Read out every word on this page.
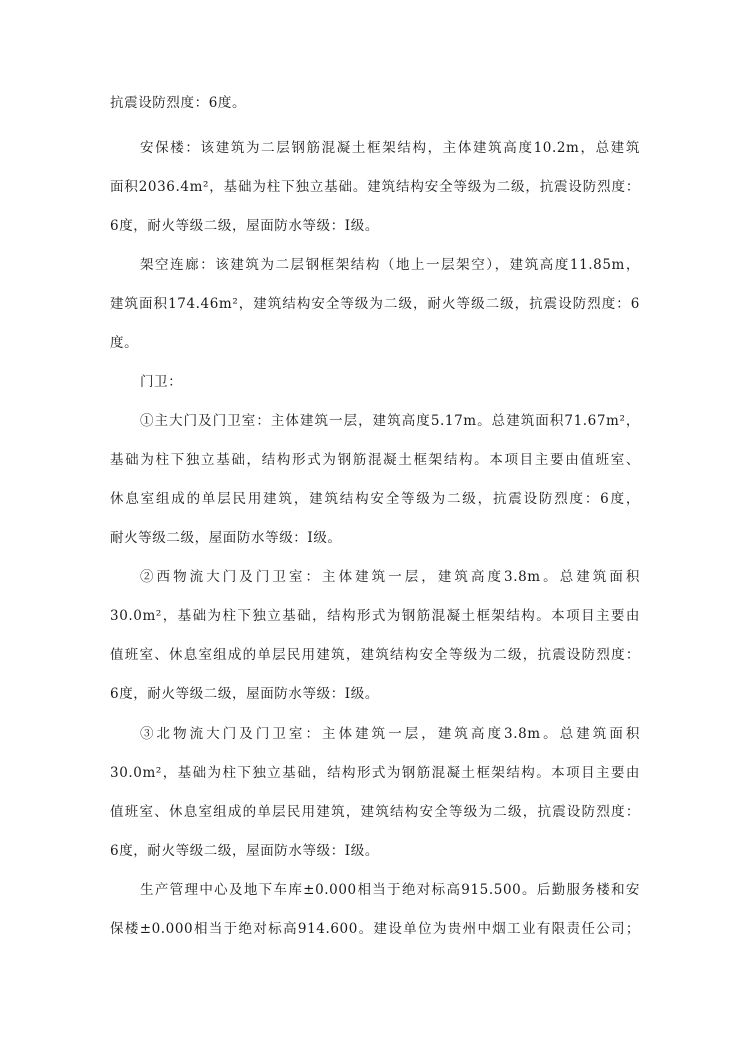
抗震设防烈度：6度。
安保楼：该建筑为二层钢筋混凝土框架结构，主体建筑高度10.2m，总建筑
面积2036.4m²，基础为柱下独立基础。建筑结构安全等级为二级，抗震设防烈度：
6度，耐火等级二级，屋面防水等级：Ⅰ级。
架空连廊：该建筑为二层钢框架结构（地上一层架空），建筑高度11.85m，
建筑面积174.46m²，建筑结构安全等级为二级，耐火等级二级，抗震设防烈度：6
度。
门卫：
①主大门及门卫室：主体建筑一层，建筑高度5.17m。总建筑面积71.67m²，
基础为柱下独立基础，结构形式为钢筋混凝土框架结构。本项目主要由值班室、
休息室组成的单层民用建筑，建筑结构安全等级为二级，抗震设防烈度：6度，
耐火等级二级，屋面防水等级：Ⅰ级。
②西物流大门及门卫室：主体建筑一层，建筑高度3.8m。总建筑面积
30.0m²，基础为柱下独立基础，结构形式为钢筋混凝土框架结构。本项目主要由
值班室、休息室组成的单层民用建筑，建筑结构安全等级为二级，抗震设防烈度：
6度，耐火等级二级，屋面防水等级：Ⅰ级。
③北物流大门及门卫室：主体建筑一层，建筑高度3.8m。总建筑面积
30.0m²，基础为柱下独立基础，结构形式为钢筋混凝土框架结构。本项目主要由
值班室、休息室组成的单层民用建筑，建筑结构安全等级为二级，抗震设防烈度：
6度，耐火等级二级，屋面防水等级：Ⅰ级。
生产管理中心及地下车库±0.000相当于绝对标高915.500。后勤服务楼和安
保楼±0.000相当于绝对标高914.600。建设单位为贵州中烟工业有限责任公司；
